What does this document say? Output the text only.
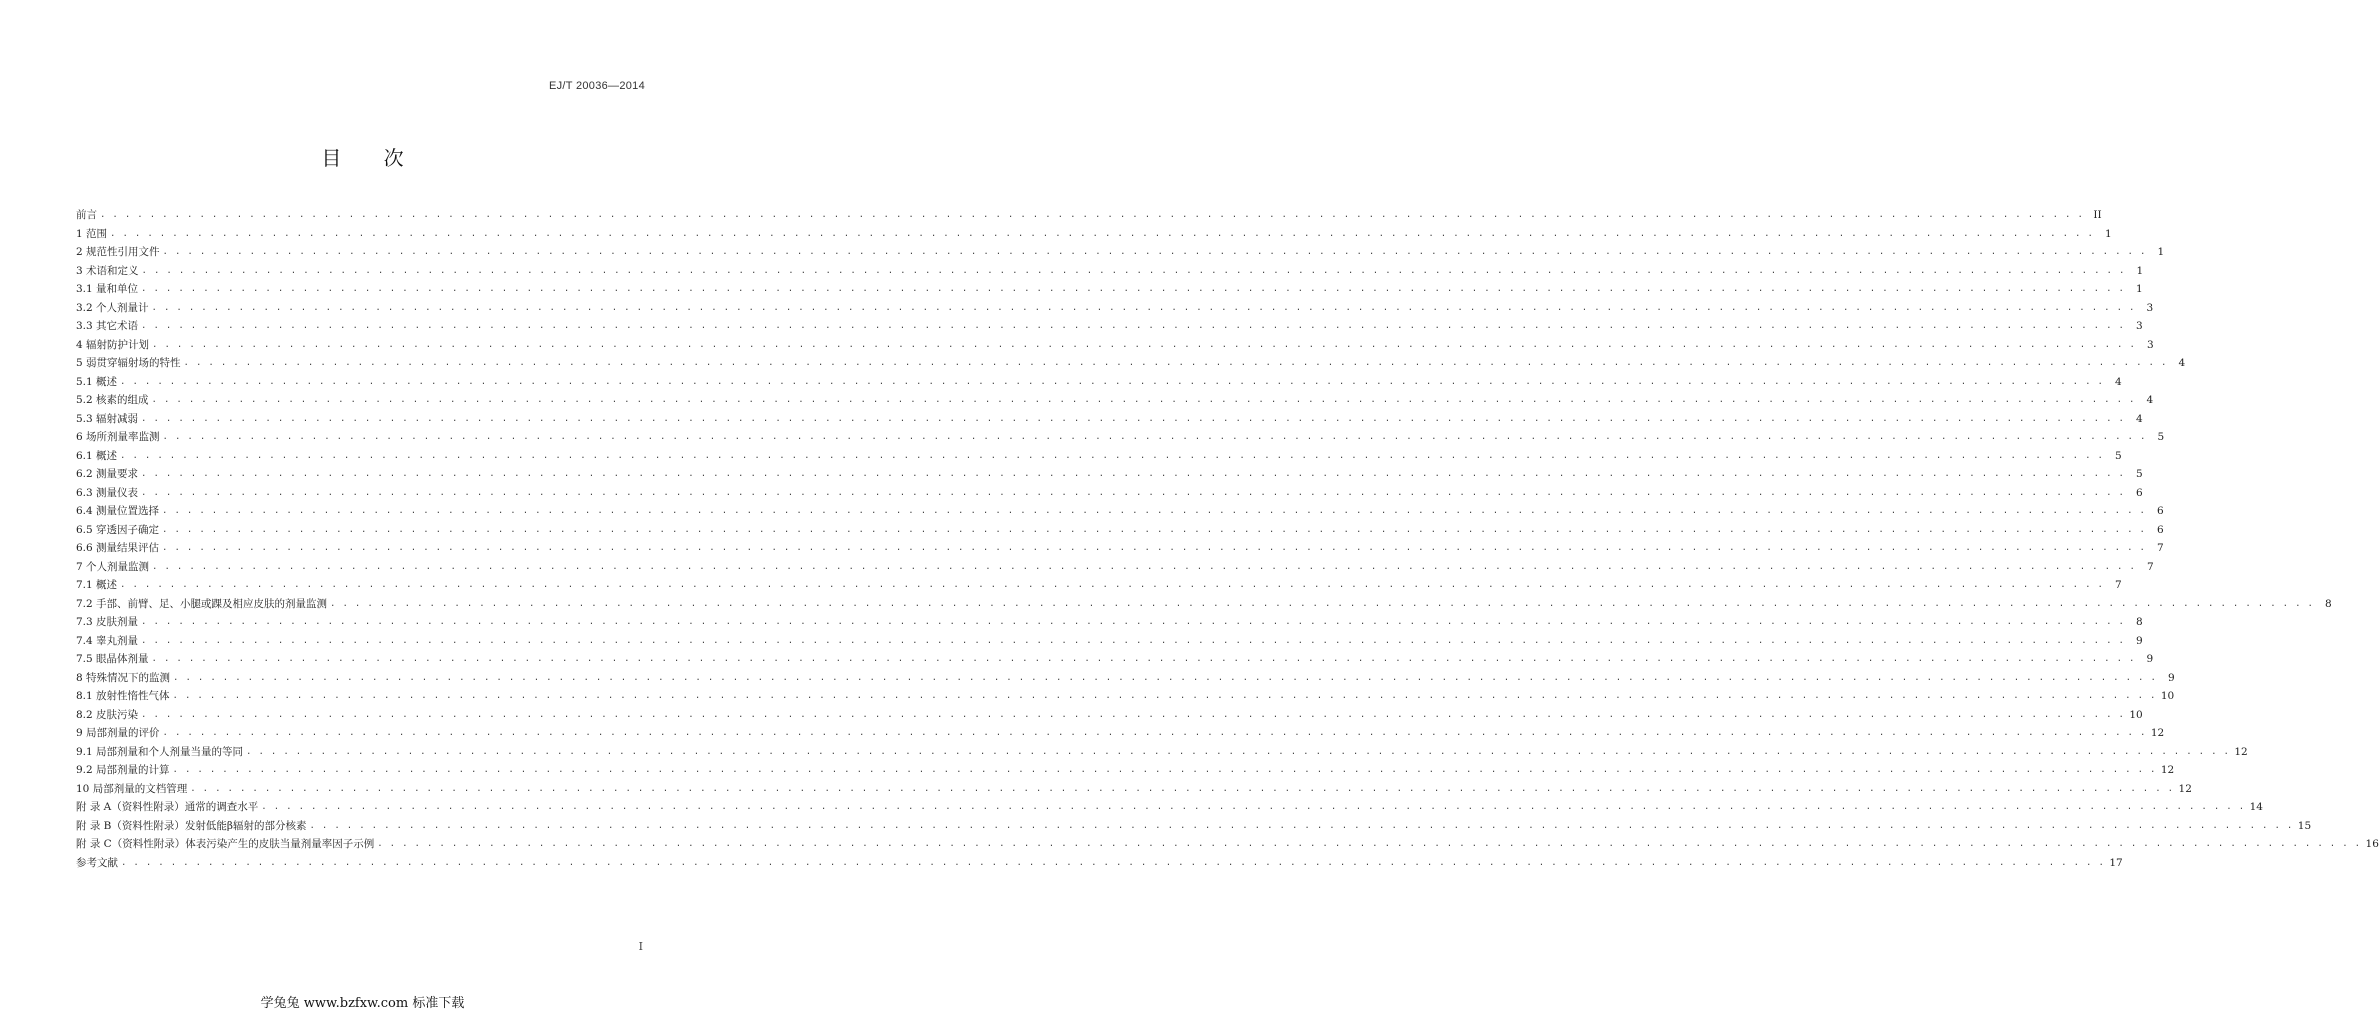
EJ/T 20036—2014
目 次
前言 . . . . . . . . . . . . . . . . . . . . . . . . . . . . . . . . . . . . . . . . . . . . . . . . . . . . . . . . . . . . . . . . . . . . . . . . . . . . . . . . . . . . . . . . . . . . . . . . . . . . . . . . . . . . . . . . . . . . . . . . . . . . . . . . . . . . . . . . . . . . . . . . . . . . . . . . . . . . . . . . II
1 范围 . . . . . . . . . . . . . . . . . . . . . . . . . . . . . . . . . . . . . . . . . . . . . . . . . . . . . . . . . . . . . . . . . . . . . . . . . . . . . . . . . . . . . . . . . . . . . . . . . . . . . . . . . . . . . . . . . . . . . . . . . . . . . . . . . . . . . . . . . . . . . . . . . . . . . . . . . . . . . . . .	1
2 规范性引用文件 . . . . . . . . . . . . . . . . . . . . . . . . . . . . . . . . . . . . . . . . . . . . . . . . . . . . . . . . . . . . . . . . . . . . . . . . . . . . . . . . . . . . . . . . . . . . . . . . . . . . . . . . . . . . . . . . . . . . . . . . . . . . . . . . . . . . . . . . . . . . . . . . . . . . . . . . . . . . . . . .	1
3 术语和定义 . . . . . . . . . . . . . . . . . . . . . . . . . . . . . . . . . . . . . . . . . . . . . . . . . . . . . . . . . . . . . . . . . . . . . . . . . . . . . . . . . . . . . . . . . . . . . . . . . . . . . . . . . . . . . . . . . . . . . . . . . . . . . . . . . . . . . . . . . . . . . . . . . . . . . . . . . . . . . . . .	1
3.1 量和单位 . . . . . . . . . . . . . . . . . . . . . . . . . . . . . . . . . . . . . . . . . . . . . . . . . . . . . . . . . . . . . . . . . . . . . . . . . . . . . . . . . . . . . . . . . . . . . . . . . . . . . . . . . . . . . . . . . . . . . . . . . . . . . . . . . . . . . . . . . . . . . . . . . . . . . . . . . . . . . . . .	1
3.2 个人剂量计 . . . . . . . . . . . . . . . . . . . . . . . . . . . . . . . . . . . . . . . . . . . . . . . . . . . . . . . . . . . . . . . . . . . . . . . . . . . . . . . . . . . . . . . . . . . . . . . . . . . . . . . . . . . . . . . . . . . . . . . . . . . . . . . . . . . . . . . . . . . . . . . . . . . . . . . . . . . . . . . .	3
3.3 其它术语 . . . . . . . . . . . . . . . . . . . . . . . . . . . . . . . . . . . . . . . . . . . . . . . . . . . . . . . . . . . . . . . . . . . . . . . . . . . . . . . . . . . . . . . . . . . . . . . . . . . . . . . . . . . . . . . . . . . . . . . . . . . . . . . . . . . . . . . . . . . . . . . . . . . . . . . . . . . . . . . .	3
4 辐射防护计划 . . . . . . . . . . . . . . . . . . . . . . . . . . . . . . . . . . . . . . . . . . . . . . . . . . . . . . . . . . . . . . . . . . . . . . . . . . . . . . . . . . . . . . . . . . . . . . . . . . . . . . . . . . . . . . . . . . . . . . . . . . . . . . . . . . . . . . . . . . . . . . . . . . . . . . . . . . . . . . . .	3
5 弱贯穿辐射场的特性 . . . . . . . . . . . . . . . . . . . . . . . . . . . . . . . . . . . . . . . . . . . . . . . . . . . . . . . . . . . . . . . . . . . . . . . . . . . . . . . . . . . . . . . . . . . . . . . . . . . . . . . . . . . . . . . . . . . . . . . . . . . . . . . . . . . . . . . . . . . . . . . . . . . . . . . . . . . . . . . .	4
5.1 概述 . . . . . . . . . . . . . . . . . . . . . . . . . . . . . . . . . . . . . . . . . . . . . . . . . . . . . . . . . . . . . . . . . . . . . . . . . . . . . . . . . . . . . . . . . . . . . . . . . . . . . . . . . . . . . . . . . . . . . . . . . . . . . . . . . . . . . . . . . . . . . . . . . . . . . . . . . . . . . . . .	4
5.2 核素的组成 . . . . . . . . . . . . . . . . . . . . . . . . . . . . . . . . . . . . . . . . . . . . . . . . . . . . . . . . . . . . . . . . . . . . . . . . . . . . . . . . . . . . . . . . . . . . . . . . . . . . . . . . . . . . . . . . . . . . . . . . . . . . . . . . . . . . . . . . . . . . . . . . . . . . . . . . . . . . . . . .	4
5.3 辐射减弱 . . . . . . . . . . . . . . . . . . . . . . . . . . . . . . . . . . . . . . . . . . . . . . . . . . . . . . . . . . . . . . . . . . . . . . . . . . . . . . . . . . . . . . . . . . . . . . . . . . . . . . . . . . . . . . . . . . . . . . . . . . . . . . . . . . . . . . . . . . . . . . . . . . . . . . . . . . . . . . . .	4
6 场所剂量率监测 . . . . . . . . . . . . . . . . . . . . . . . . . . . . . . . . . . . . . . . . . . . . . . . . . . . . . . . . . . . . . . . . . . . . . . . . . . . . . . . . . . . . . . . . . . . . . . . . . . . . . . . . . . . . . . . . . . . . . . . . . . . . . . . . . . . . . . . . . . . . . . . . . . . . . . . . . . . . . . . .	5
6.1 概述 . . . . . . . . . . . . . . . . . . . . . . . . . . . . . . . . . . . . . . . . . . . . . . . . . . . . . . . . . . . . . . . . . . . . . . . . . . . . . . . . . . . . . . . . . . . . . . . . . . . . . . . . . . . . . . . . . . . . . . . . . . . . . . . . . . . . . . . . . . . . . . . . . . . . . . . . . . . . . . . .	5
6.2 测量要求 . . . . . . . . . . . . . . . . . . . . . . . . . . . . . . . . . . . . . . . . . . . . . . . . . . . . . . . . . . . . . . . . . . . . . . . . . . . . . . . . . . . . . . . . . . . . . . . . . . . . . . . . . . . . . . . . . . . . . . . . . . . . . . . . . . . . . . . . . . . . . . . . . . . . . . . . . . . . . . . .	5
6.3 测量仪表 . . . . . . . . . . . . . . . . . . . . . . . . . . . . . . . . . . . . . . . . . . . . . . . . . . . . . . . . . . . . . . . . . . . . . . . . . . . . . . . . . . . . . . . . . . . . . . . . . . . . . . . . . . . . . . . . . . . . . . . . . . . . . . . . . . . . . . . . . . . . . . . . . . . . . . . . . . . . . . . .	6
6.4 测量位置选择 . . . . . . . . . . . . . . . . . . . . . . . . . . . . . . . . . . . . . . . . . . . . . . . . . . . . . . . . . . . . . . . . . . . . . . . . . . . . . . . . . . . . . . . . . . . . . . . . . . . . . . . . . . . . . . . . . . . . . . . . . . . . . . . . . . . . . . . . . . . . . . . . . . . . . . . . . . . . . . . .	6
6.5 穿透因子确定 . . . . . . . . . . . . . . . . . . . . . . . . . . . . . . . . . . . . . . . . . . . . . . . . . . . . . . . . . . . . . . . . . . . . . . . . . . . . . . . . . . . . . . . . . . . . . . . . . . . . . . . . . . . . . . . . . . . . . . . . . . . . . . . . . . . . . . . . . . . . . . . . . . . . . . . . . . . . . . . .	6
6.6 测量结果评估 . . . . . . . . . . . . . . . . . . . . . . . . . . . . . . . . . . . . . . . . . . . . . . . . . . . . . . . . . . . . . . . . . . . . . . . . . . . . . . . . . . . . . . . . . . . . . . . . . . . . . . . . . . . . . . . . . . . . . . . . . . . . . . . . . . . . . . . . . . . . . . . . . . . . . . . . . . . . . . . .	7
7 个人剂量监测 . . . . . . . . . . . . . . . . . . . . . . . . . . . . . . . . . . . . . . . . . . . . . . . . . . . . . . . . . . . . . . . . . . . . . . . . . . . . . . . . . . . . . . . . . . . . . . . . . . . . . . . . . . . . . . . . . . . . . . . . . . . . . . . . . . . . . . . . . . . . . . . . . . . . . . . . . . . . . . . .	7
7.1 概述 . . . . . . . . . . . . . . . . . . . . . . . . . . . . . . . . . . . . . . . . . . . . . . . . . . . . . . . . . . . . . . . . . . . . . . . . . . . . . . . . . . . . . . . . . . . . . . . . . . . . . . . . . . . . . . . . . . . . . . . . . . . . . . . . . . . . . . . . . . . . . . . . . . . . . . . . . . . . . . . .	7
7.2 手部、前臂、足、小腿或踝及相应皮肤的剂量监测 . . . . . . . . . . . . . . . . . . . . . . . . . . . . . . . . . . . . . . . . . . . . . . . . . . . . . . . . . . . . . . . . . . . . . . . . . . . . . . . . . . . . . . . . . . . . . . . . . . . . . . . . . . . . . . . . . . . . . . . . . . . . . . . . . . . . . . . . . . . . . . . . . . . . . . . . . . . . . . . .	8
7.3 皮肤剂量 . . . . . . . . . . . . . . . . . . . . . . . . . . . . . . . . . . . . . . . . . . . . . . . . . . . . . . . . . . . . . . . . . . . . . . . . . . . . . . . . . . . . . . . . . . . . . . . . . . . . . . . . . . . . . . . . . . . . . . . . . . . . . . . . . . . . . . . . . . . . . . . . . . . . . . . . . . . . . . . .	8
7.4 睾丸剂量 . . . . . . . . . . . . . . . . . . . . . . . . . . . . . . . . . . . . . . . . . . . . . . . . . . . . . . . . . . . . . . . . . . . . . . . . . . . . . . . . . . . . . . . . . . . . . . . . . . . . . . . . . . . . . . . . . . . . . . . . . . . . . . . . . . . . . . . . . . . . . . . . . . . . . . . . . . . . . . . .	9
7.5 眼晶体剂量 . . . . . . . . . . . . . . . . . . . . . . . . . . . . . . . . . . . . . . . . . . . . . . . . . . . . . . . . . . . . . . . . . . . . . . . . . . . . . . . . . . . . . . . . . . . . . . . . . . . . . . . . . . . . . . . . . . . . . . . . . . . . . . . . . . . . . . . . . . . . . . . . . . . . . . . . . . . . . . . .	9
8 特殊情况下的监测 . . . . . . . . . . . . . . . . . . . . . . . . . . . . . . . . . . . . . . . . . . . . . . . . . . . . . . . . . . . . . . . . . . . . . . . . . . . . . . . . . . . . . . . . . . . . . . . . . . . . . . . . . . . . . . . . . . . . . . . . . . . . . . . . . . . . . . . . . . . . . . . . . . . . . . . . . . . . . . . .	9
8.1 放射性惰性气体 . . . . . . . . . . . . . . . . . . . . . . . . . . . . . . . . . . . . . . . . . . . . . . . . . . . . . . . . . . . . . . . . . . . . . . . . . . . . . . . . . . . . . . . . . . . . . . . . . . . . . . . . . . . . . . . . . . . . . . . . . . . . . . . . . . . . . . . . . . . . . . . . . . . . . . . . . . . . . . . . 10
8.2 皮肤污染 . . . . . . . . . . . . . . . . . . . . . . . . . . . . . . . . . . . . . . . . . . . . . . . . . . . . . . . . . . . . . . . . . . . . . . . . . . . . . . . . . . . . . . . . . . . . . . . . . . . . . . . . . . . . . . . . . . . . . . . . . . . . . . . . . . . . . . . . . . . . . . . . . . . . . . . . . . . . . . . . 10
9 局部剂量的评价 . . . . . . . . . . . . . . . . . . . . . . . . . . . . . . . . . . . . . . . . . . . . . . . . . . . . . . . . . . . . . . . . . . . . . . . . . . . . . . . . . . . . . . . . . . . . . . . . . . . . . . . . . . . . . . . . . . . . . . . . . . . . . . . . . . . . . . . . . . . . . . . . . . . . . . . . . . . . . . . . 12
9.1 局部剂量和个人剂量当量的等同 . . . . . . . . . . . . . . . . . . . . . . . . . . . . . . . . . . . . . . . . . . . . . . . . . . . . . . . . . . . . . . . . . . . . . . . . . . . . . . . . . . . . . . . . . . . . . . . . . . . . . . . . . . . . . . . . . . . . . . . . . . . . . . . . . . . . . . . . . . . . . . . . . . . . . . . . . . . . . . . . 12
9.2 局部剂量的计算 . . . . . . . . . . . . . . . . . . . . . . . . . . . . . . . . . . . . . . . . . . . . . . . . . . . . . . . . . . . . . . . . . . . . . . . . . . . . . . . . . . . . . . . . . . . . . . . . . . . . . . . . . . . . . . . . . . . . . . . . . . . . . . . . . . . . . . . . . . . . . . . . . . . . . . . . . . . . . . . . 12
10 局部剂量的文档管理 . . . . . . . . . . . . . . . . . . . . . . . . . . . . . . . . . . . . . . . . . . . . . . . . . . . . . . . . . . . . . . . . . . . . . . . . . . . . . . . . . . . . . . . . . . . . . . . . . . . . . . . . . . . . . . . . . . . . . . . . . . . . . . . . . . . . . . . . . . . . . . . . . . . . . . . . . . . . . . . . 12
附 录 A（资料性附录）通常的调查水平 . . . . . . . . . . . . . . . . . . . . . . . . . . . . . . . . . . . . . . . . . . . . . . . . . . . . . . . . . . . . . . . . . . . . . . . . . . . . . . . . . . . . . . . . . . . . . . . . . . . . . . . . . . . . . . . . . . . . . . . . . . . . . . . . . . . . . . . . . . . . . . . . . . . . . . . . . . . . . . . . 14
附 录 B（资料性附录）发射低能β辐射的部分核素 . . . . . . . . . . . . . . . . . . . . . . . . . . . . . . . . . . . . . . . . . . . . . . . . . . . . . . . . . . . . . . . . . . . . . . . . . . . . . . . . . . . . . . . . . . . . . . . . . . . . . . . . . . . . . . . . . . . . . . . . . . . . . . . . . . . . . . . . . . . . . . . . . . . . . . . . . . . . . . . . 15
附 录 C（资料性附录）体表污染产生的皮肤当量剂量率因子示例 . . . . . . . . . . . . . . . . . . . . . . . . . . . . . . . . . . . . . . . . . . . . . . . . . . . . . . . . . . . . . . . . . . . . . . . . . . . . . . . . . . . . . . . . . . . . . . . . . . . . . . . . . . . . . . . . . . . . . . . . . . . . . . . . . . . . . . . . . . . . . . . . . . . . . . . . . . . . . . . . 16
参考文献 . . . . . . . . . . . . . . . . . . . . . . . . . . . . . . . . . . . . . . . . . . . . . . . . . . . . . . . . . . . . . . . . . . . . . . . . . . . . . . . . . . . . . . . . . . . . . . . . . . . . . . . . . . . . . . . . . . . . . . . . . . . . . . . . . . . . . . . . . . . . . . . . . . . . . . . . . . . . . . . . 17
I
学兔兔 www.bzfxw.com 标准下载
